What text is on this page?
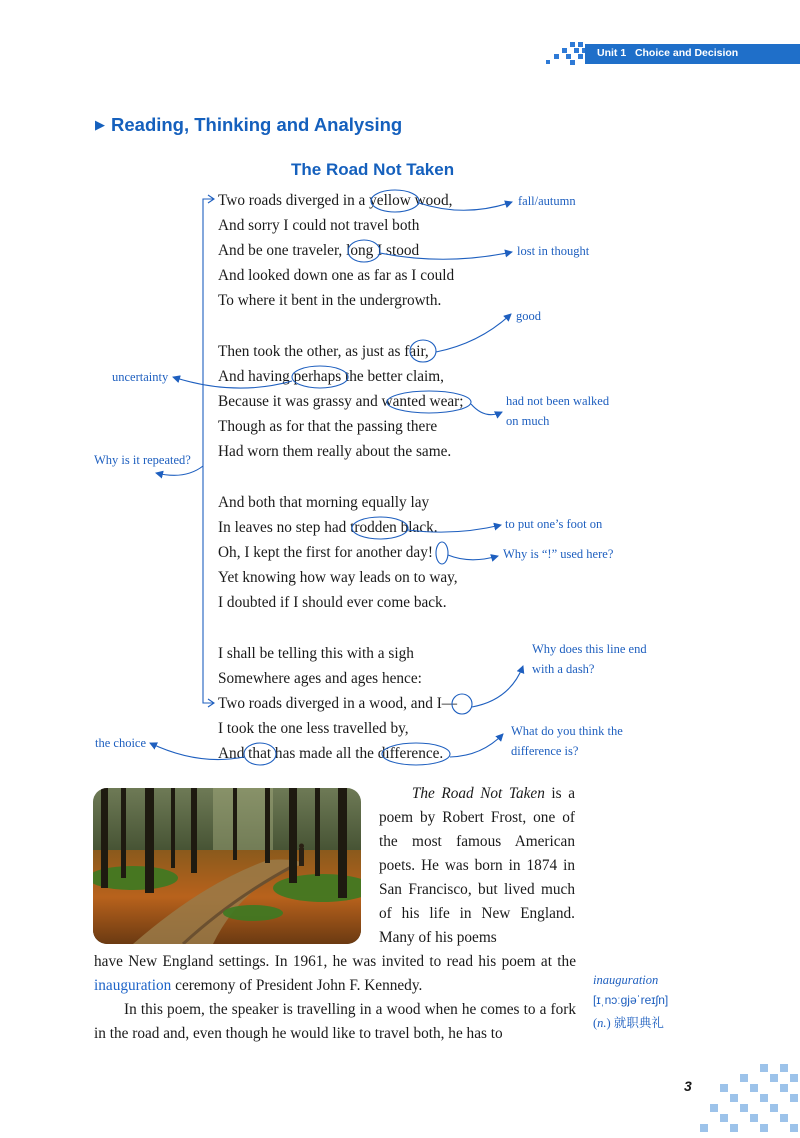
Unit 1 Choice and Decision
▶ Reading, Thinking and Analysing
The Road Not Taken
Two roads diverged in a yellow wood,
And sorry I could not travel both
And be one traveler, long I stood
And looked down one as far as I could
To where it bent in the undergrowth.
Then took the other, as just as fair,
And having perhaps the better claim,
Because it was grassy and wanted wear;
Though as for that the passing there
Had worn them really about the same.
And both that morning equally lay
In leaves no step had trodden black.
Oh, I kept the first for another day!
Yet knowing how way leads on to way,
I doubted if I should ever come back.
I shall be telling this with a sigh
Somewhere ages and ages hence:
Two roads diverged in a wood, and I—
I took the one less travelled by,
And that has made all the difference.
fall/autumn
lost in thought
good
uncertainty
had not been walked
on much
Why is it repeated?
to put one’s foot on
Why is “!” used here?
Why does this line end
with a dash?
the choice
What do you think the
difference is?
The Road Not Taken is a poem by Robert Frost, one of the most famous American poets. He was born in 1874 in San Francisco, but lived much of his life in New England. Many of his poems
have New England settings. In 1961, he was invited to read his poem at the inauguration ceremony of President John F. Kennedy.
In this poem, the speaker is travelling in a wood when he comes to a fork in the road and, even though he would like to travel both, he has to
inauguration
[ɪˌnɔːgjəˈreɪʃn]
(n.) 就职典礼
3
